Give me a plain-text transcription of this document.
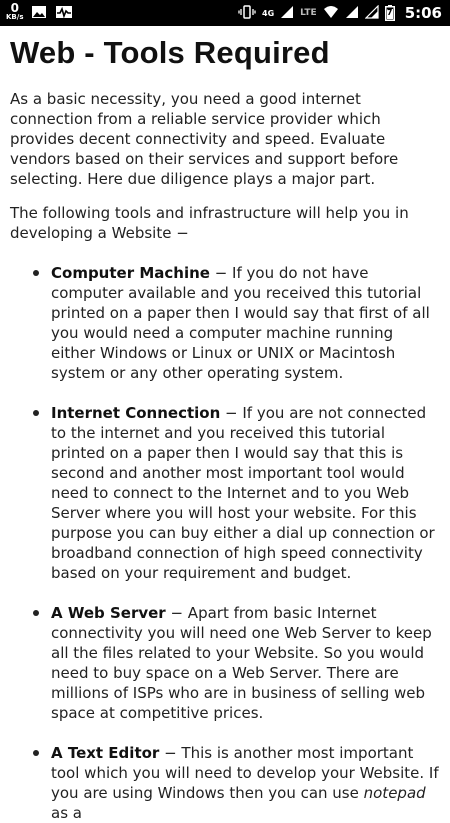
0
KB/s	4G	LTE	7 5:06
Web - Tools Required

As a basic necessity, you need a good internet connection from a reliable service provider which provides decent connectivity and speed. Evaluate vendors based on their services and support before selecting. Here due diligence plays a major part.

The following tools and infrastructure will help you in developing a Website −

Computer Machine − If you do not have computer available and you received this tutorial printed on a paper then I would say that first of all you would need a computer machine running either Windows or Linux or UNIX or Macintosh system or any other operating system.
Internet Connection − If you are not connected to the internet and you received this tutorial printed on a paper then I would say that this is second and another most important tool would need to connect to the Internet and to you Web Server where you will host your website. For this purpose you can buy either a dial up connection or broadband connection of high speed connectivity based on your requirement and budget.
A Web Server − Apart from basic Internet connectivity you will need one Web Server to keep all the files related to your Website. So you would need to buy space on a Web Server. There are millions of ISPs who are in business of selling web space at competitive prices.
A Text Editor − This is another most important tool which you will need to develop your Website. If you are using Windows then you can use notepad as a
